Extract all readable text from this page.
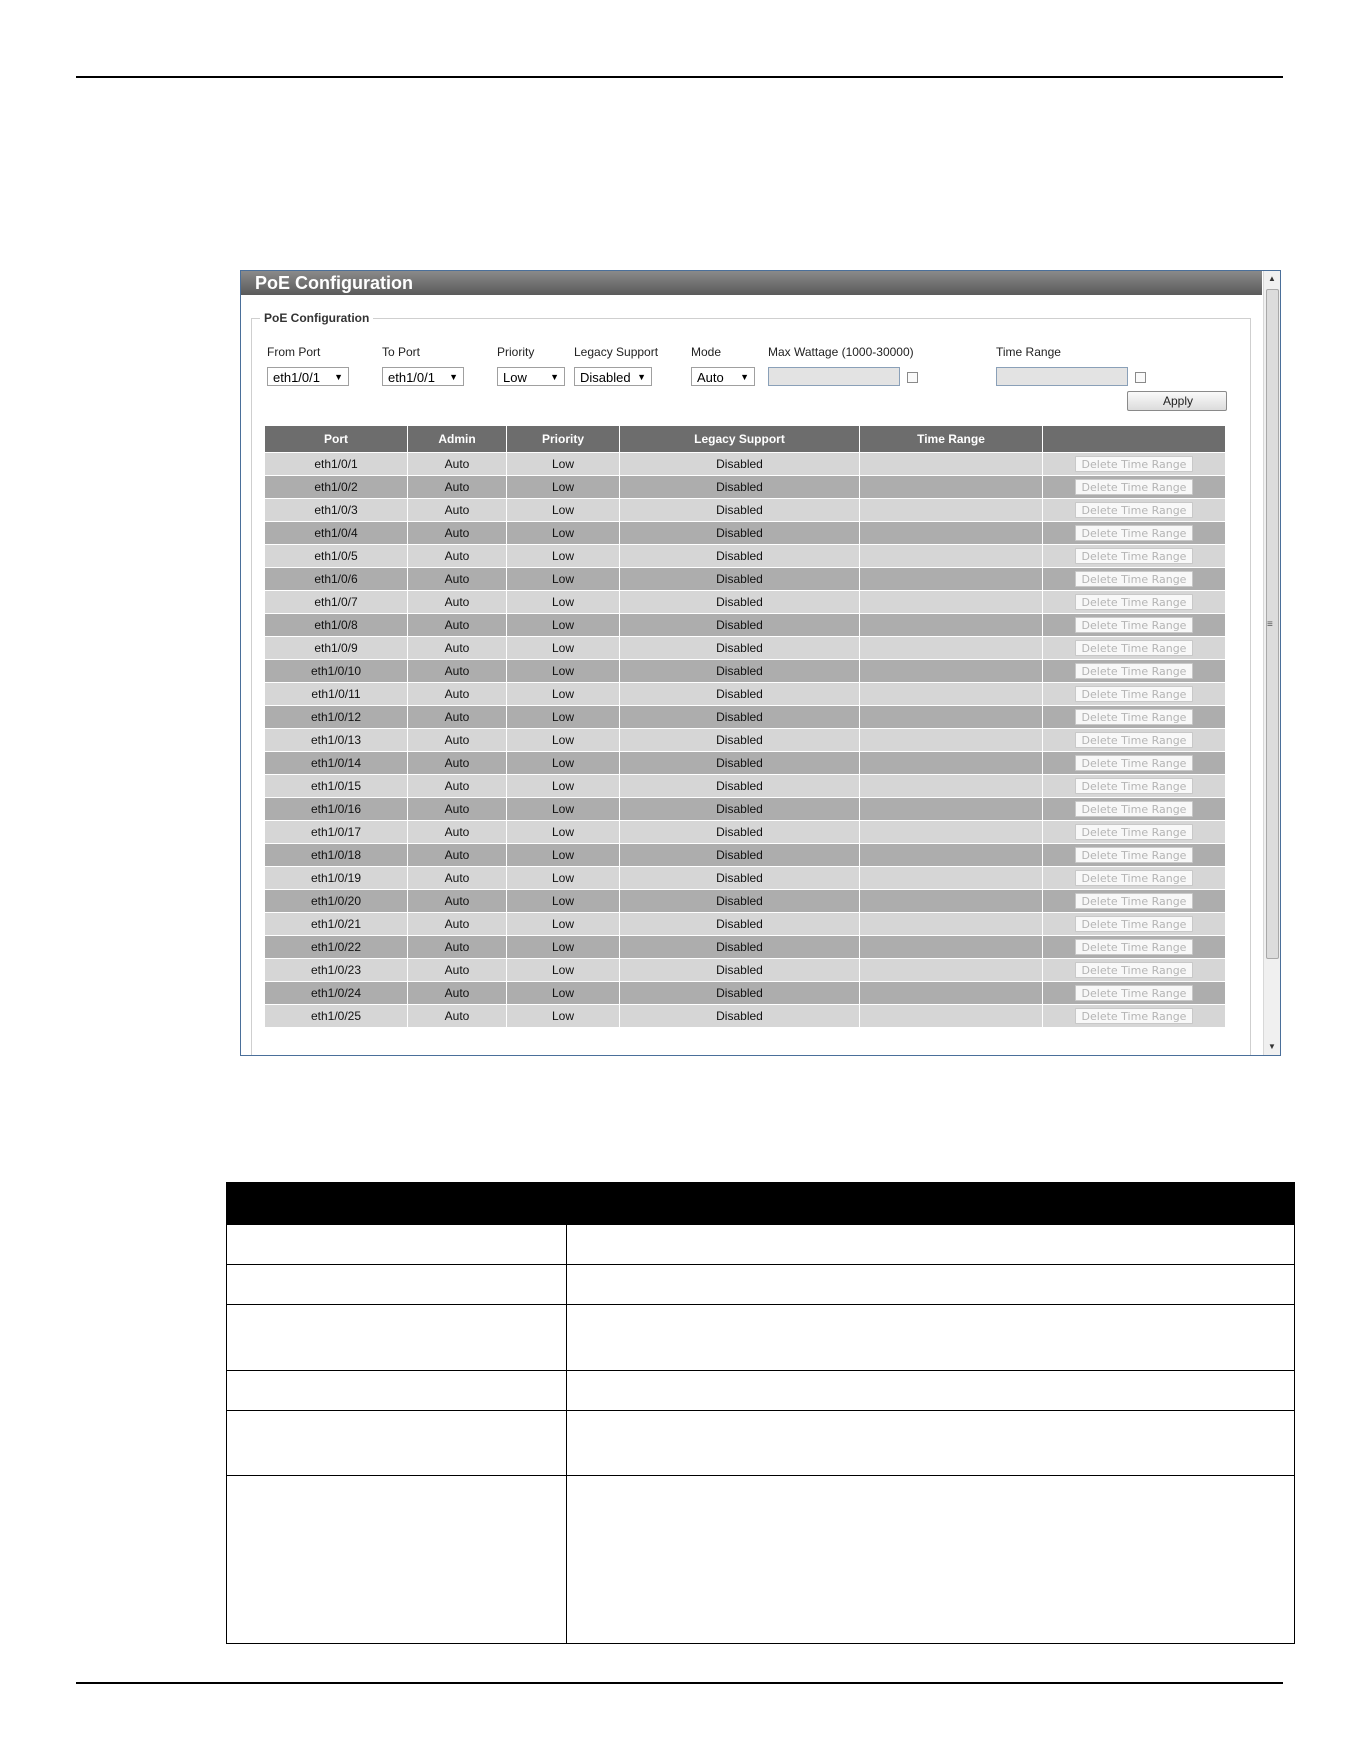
PoE Configuration	▲
≡
▼
PoE Configuration
From Port	To Port	Priority	Legacy Support	Mode	Max Wattage (1000-30000)	Time Range
eth1/0/1 ▼	eth1/0/1 ▼	Low	▼	Disabled ▼	Auto ▼
Apply
Port	Admin	Priority	Legacy Support	Time Range	
eth1/0/1	Auto	Low	Disabled		Delete Time Range
eth1/0/2	Auto	Low	Disabled		Delete Time Range
eth1/0/3	Auto	Low	Disabled		Delete Time Range
eth1/0/4	Auto	Low	Disabled		Delete Time Range
eth1/0/5	Auto	Low	Disabled		Delete Time Range
eth1/0/6	Auto	Low	Disabled		Delete Time Range
eth1/0/7	Auto	Low	Disabled		Delete Time Range
eth1/0/8	Auto	Low	Disabled		Delete Time Range
eth1/0/9	Auto	Low	Disabled		Delete Time Range
eth1/0/10	Auto	Low	Disabled		Delete Time Range
eth1/0/11	Auto	Low	Disabled		Delete Time Range
eth1/0/12	Auto	Low	Disabled		Delete Time Range
eth1/0/13	Auto	Low	Disabled		Delete Time Range
eth1/0/14	Auto	Low	Disabled		Delete Time Range
eth1/0/15	Auto	Low	Disabled		Delete Time Range
eth1/0/16	Auto	Low	Disabled		Delete Time Range
eth1/0/17	Auto	Low	Disabled		Delete Time Range
eth1/0/18	Auto	Low	Disabled		Delete Time Range
eth1/0/19	Auto	Low	Disabled		Delete Time Range
eth1/0/20	Auto	Low	Disabled		Delete Time Range
eth1/0/21	Auto	Low	Disabled		Delete Time Range
eth1/0/22	Auto	Low	Disabled		Delete Time Range
eth1/0/23	Auto	Low	Disabled		Delete Time Range
eth1/0/24	Auto	Low	Disabled		Delete Time Range
eth1/0/25	Auto	Low	Disabled		Delete Time Range
